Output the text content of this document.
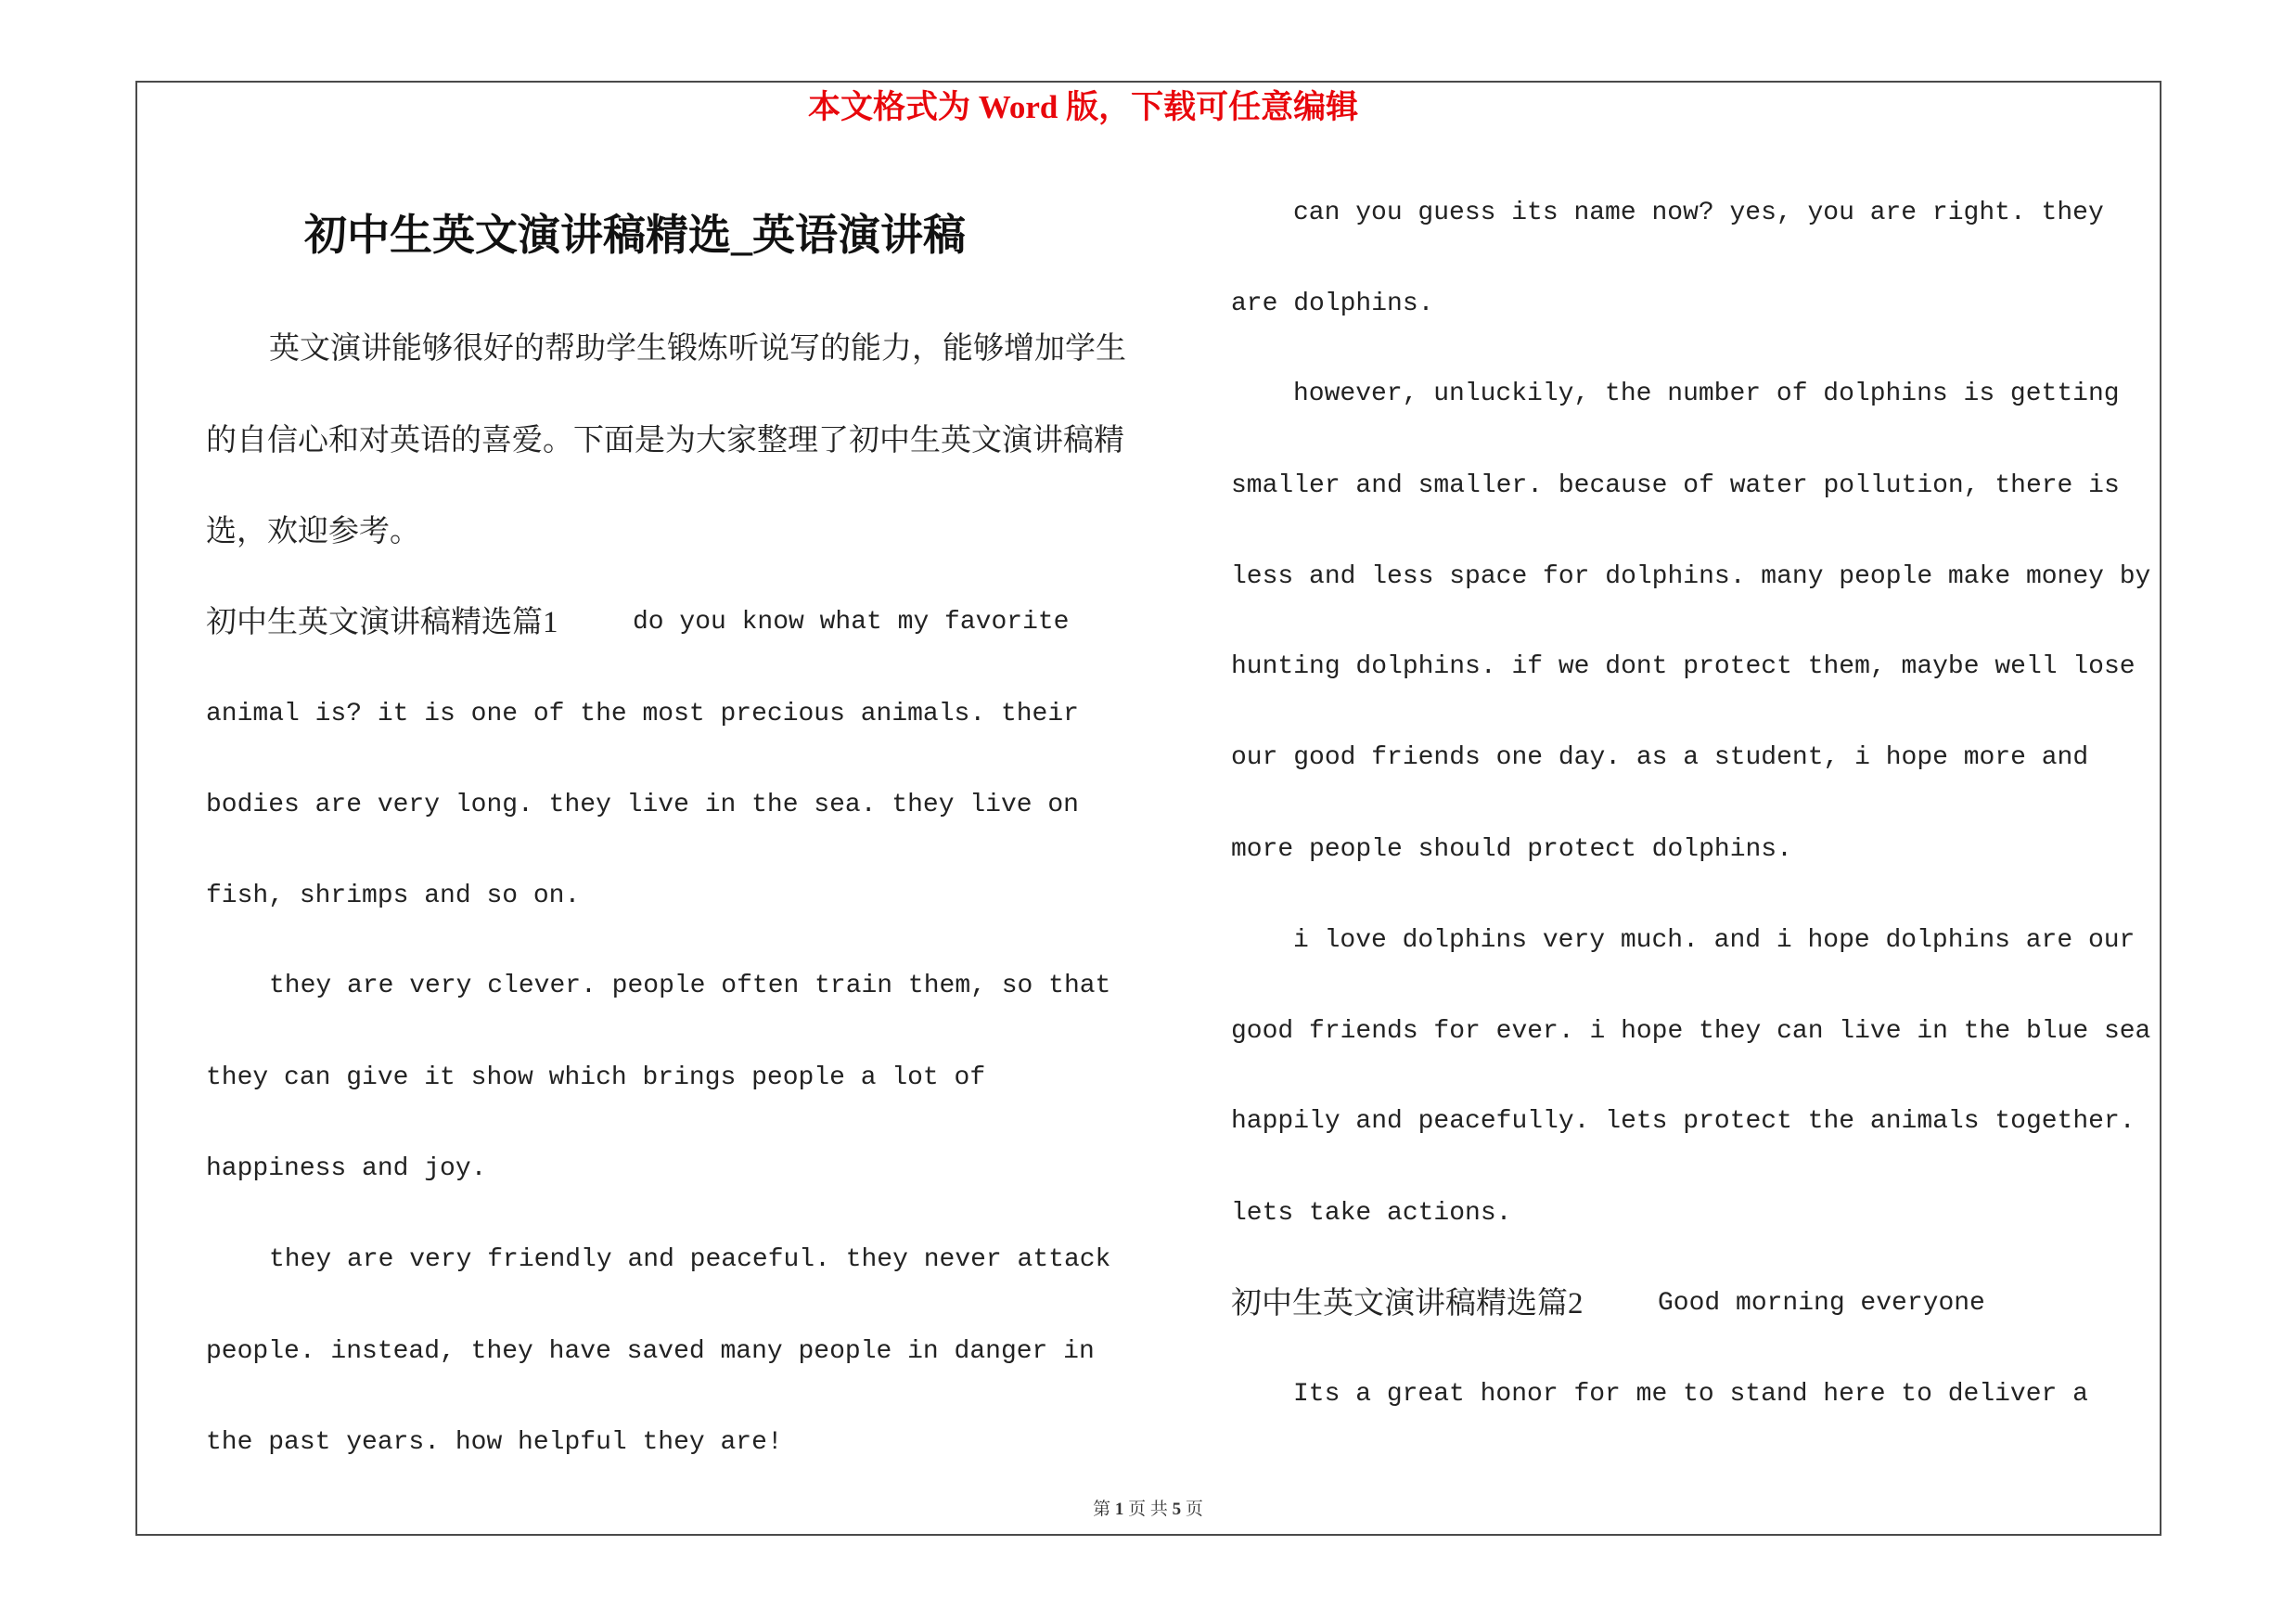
本文格式为 Word 版，下载可任意编辑
初中生英文演讲稿精选_英语演讲稿
英文演讲能够很好的帮助学生锻炼听说写的能力，能够增加学生
的自信心和对英语的喜爱。下面是为大家整理了初中生英文演讲稿精
选，欢迎参考。
初中生英文演讲稿精选篇1	do you know what my favorite
animal is? it is one of the most precious animals. their
bodies are very long. they live in the sea. they live on
fish, shrimps and so on.
they are very clever. people often train them, so that
they can give it show which brings people a lot of
happiness and joy.
they are very friendly and peaceful. they never attack
people. instead, they have saved many people in danger in
the past years. how helpful they are!
can you guess its name now? yes, you are right. they
are dolphins.
however, unluckily, the number of dolphins is getting
smaller and smaller. because of water pollution, there is
less and less space for dolphins. many people make money by
hunting dolphins. if we dont protect them, maybe well lose
our good friends one day. as a student, i hope more and
more people should protect dolphins.
i love dolphins very much. and i hope dolphins are our
good friends for ever. i hope they can live in the blue sea
happily and peacefully. lets protect the animals together.
lets take actions.
初中生英文演讲稿精选篇2	Good morning everyone
Its a great honor for me to stand here to deliver a
第 1 页 共 5 页
